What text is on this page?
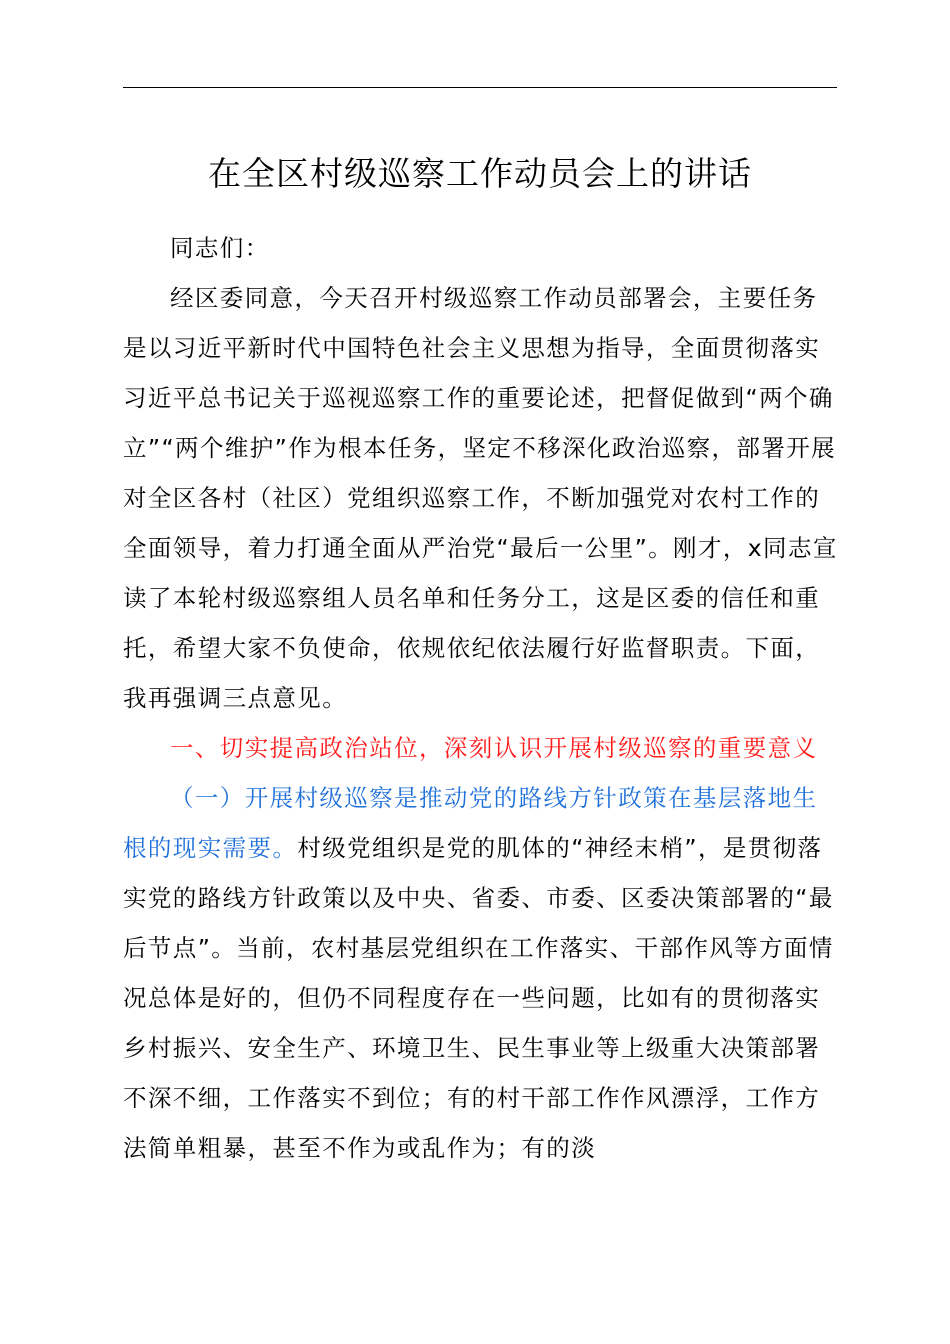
在全区村级巡察工作动员会上的讲话

同志们：

经区委同意，今天召开村级巡察工作动员部署会，主要任务是以习近平新时代中国特色社会主义思想为指导，全面贯彻落实习近平总书记关于巡视巡察工作的重要论述，把督促做到“两个确立”“两个维护”作为根本任务，坚定不移深化政治巡察，部署开展对全区各村（社区）党组织巡察工作，不断加强党对农村工作的全面领导，着力打通全面从严治党“最后一公里”。刚才，x同志宣读了本轮村级巡察组人员名单和任务分工，这是区委的信任和重托，希望大家不负使命，依规依纪依法履行好监督职责。下面，我再强调三点意见。

一、切实提高政治站位，深刻认识开展村级巡察的重要意义

（一）开展村级巡察是推动党的路线方针政策在基层落地生根的现实需要。村级党组织是党的肌体的“神经末梢”，是贯彻落实党的路线方针政策以及中央、省委、市委、区委决策部署的“最后节点”。当前，农村基层党组织在工作落实、干部作风等方面情况总体是好的，但仍不同程度存在一些问题，比如有的贯彻落实乡村振兴、安全生产、环境卫生、民生事业等上级重大决策部署不深不细，工作落实不到位；有的村干部工作作风漂浮，工作方法简单粗暴，甚至不作为或乱作为；有的淡
